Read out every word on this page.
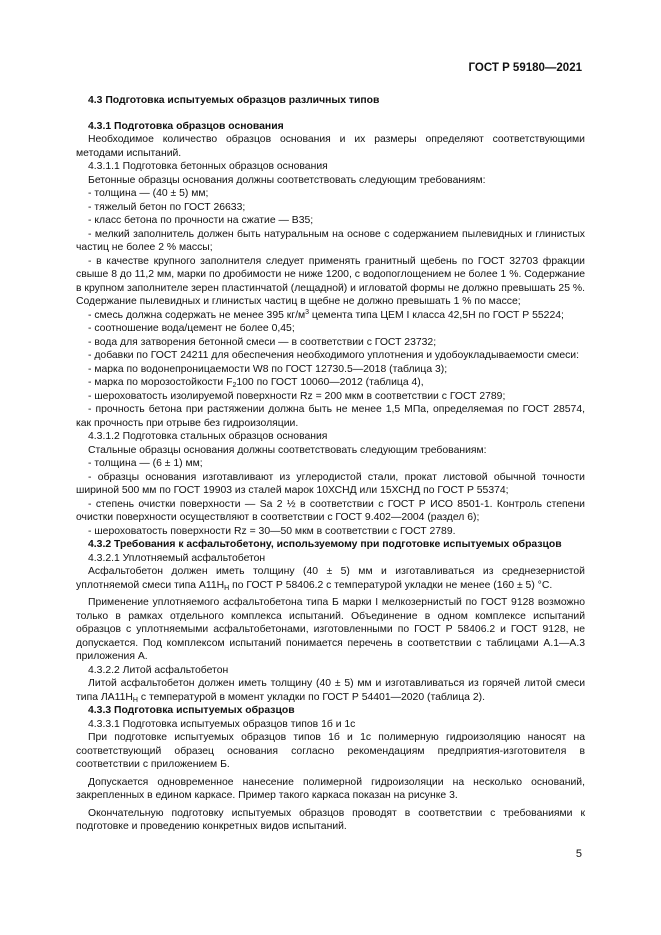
ГОСТ Р 59180—2021

4.3 Подготовка испытуемых образцов различных типов

4.3.1 Подготовка образцов основания

Необходимое количество образцов основания и их размеры определяют соответствующими методами испытаний.

4.3.1.1 Подготовка бетонных образцов основания

Бетонные образцы основания должны соответствовать следующим требованиям:

- толщина — (40 ± 5) мм;

- тяжелый бетон по ГОСТ 26633;

- класс бетона по прочности на сжатие — В35;

- мелкий заполнитель должен быть натуральным на основе с содержанием пылевидных и глинистых частиц не более 2 % массы;

- в качестве крупного заполнителя следует применять гранитный щебень по ГОСТ 32703 фракции свыше 8 до 11,2 мм, марки по дробимости не ниже 1200, с водопоглощением не более 1 %. Содержание в крупном заполнителе зерен пластинчатой (лещадной) и игловатой формы не должно превышать 25 %. Содержание пылевидных и глинистых частиц в щебне не должно превышать 1 % по массе;

- смесь должна содержать не менее 395 $кг/м^3$ цемента типа ЦЕМ I класса 42,5Н по ГОСТ Р 55224;

- соотношение вода/цемент не более 0,45;

- вода для затворения бетонной смеси — в соответствии с ГОСТ 23732;

- добавки по ГОСТ 24211 для обеспечения необходимого уплотнения и удобоукладываемости смеси:

- марка по водонепроницаемости W8 по ГОСТ 12730.5—2018 (таблица 3);

- марка по морозостойкости $F_2100$ по ГОСТ 10060—2012 (таблица 4),

- шероховатость изолируемой поверхности Rz = 200 мкм в соответствии с ГОСТ 2789;

- прочность бетона при растяжении должна быть не менее 1,5 МПа, определяемая по ГОСТ 28574, как прочность при отрыве без гидроизоляции.

4.3.1.2 Подготовка стальных образцов основания

Стальные образцы основания должны соответствовать следующим требованиям:

- толщина — (6 ± 1) мм;

- образцы основания изготавливают из углеродистой стали, прокат листовой обычной точности шириной 500 мм по ГОСТ 19903 из сталей марок 10ХСНД или 15ХСНД по ГОСТ Р 55374;

- степень очистки поверхности — Sa 2 ½ в соответствии с ГОСТ Р ИСО 8501-1. Контроль степени очистки поверхности осуществляют в соответствии с ГОСТ 9.402—2004 (раздел 6);

- шероховатость поверхности Rz = 30—50 мкм в соответствии с ГОСТ 2789.

4.3.2 Требования к асфальтобетону, используемому при подготовке испытуемых образцов

4.3.2.1 Уплотняемый асфальтобетон

Асфальтобетон должен иметь толщину (40 ± 5) мм и изготавливаться из среднезернистой уплотняемой смеси типа $А11Н_Н$ по ГОСТ Р 58406.2 с температурой укладки не менее (160 ± 5) °С.

Применение уплотняемого асфальтобетона типа Б марки I мелкозернистый по ГОСТ 9128 возможно только в рамках отдельного комплекса испытаний. Объединение в одном комплексе испытаний образцов с уплотняемыми асфальтобетонами, изготовленными по ГОСТ Р 58406.2 и ГОСТ 9128, не допускается. Под комплексом испытаний понимается перечень в соответствии с таблицами А.1—А.3 приложения А.

4.3.2.2 Литой асфальтобетон

Литой асфальтобетон должен иметь толщину (40 ± 5) мм и изготавливаться из горячей литой смеси типа $ЛА11Н_Н$ с температурой в момент укладки по ГОСТ Р 54401—2020 (таблица 2).

4.3.3 Подготовка испытуемых образцов

4.3.3.1 Подготовка испытуемых образцов типов 1б и 1с

При подготовке испытуемых образцов типов 1б и 1с полимерную гидроизоляцию наносят на соответствующий образец основания согласно рекомендациям предприятия-изготовителя в соответствии с приложением Б.

Допускается одновременное нанесение полимерной гидроизоляции на несколько оснований, закрепленных в едином каркасе. Пример такого каркаса показан на рисунке 3.

Окончательную подготовку испытуемых образцов проводят в соответствии с требованиями к подготовке и проведению конкретных видов испытаний.

5
